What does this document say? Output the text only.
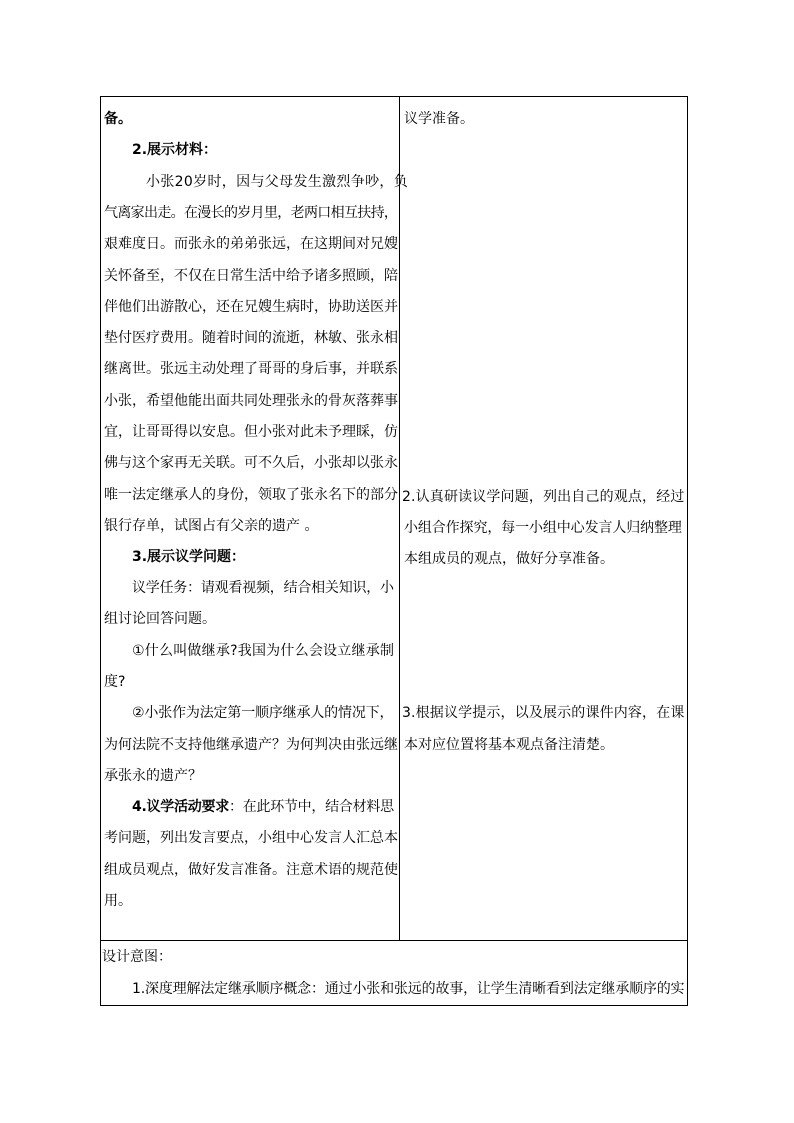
备。
2.展示材料：
小张20岁时，因与父母发生激烈争吵，负
气离家出走。在漫长的岁月里，老两口相互扶持，
艰难度日。而张永的弟弟张远，在这期间对兄嫂
关怀备至，不仅在日常生活中给予诸多照顾，陪
伴他们出游散心，还在兄嫂生病时，协助送医并
垫付医疗费用。随着时间的流逝，林敏、张永相
继离世。张远主动处理了哥哥的身后事，并联系
小张，希望他能出面共同处理张永的骨灰落葬事
宜，让哥哥得以安息。但小张对此未予理睬，仿
佛与这个家再无关联。可不久后，小张却以张永
唯一法定继承人的身份，领取了张永名下的部分
银行存单，试图占有父亲的遗产 。
3.展示议学问题：
议学任务：请观看视频，结合相关知识，小
组讨论回答问题。
①什么叫做继承?我国为什么会设立继承制
度?
②小张作为法定第一顺序继承人的情况下，
为何法院不支持他继承遗产？为何判决由张远继
承张永的遗产？
4.议学活动要求：在此环节中，结合材料思
考问题，列出发言要点，小组中心发言人汇总本
组成员观点，做好发言准备。注意术语的规范使
用。
议学准备。
2.认真研读议学问题，列出自己的观点，经过
小组合作探究，每一小组中心发言人归纳整理
本组成员的观点，做好分享准备。
3.根据议学提示，以及展示的课件内容，在课
本对应位置将基本观点备注清楚。
设计意图：
1.深度理解法定继承顺序概念：通过小张和张远的故事，让学生清晰看到法定继承顺序的实
